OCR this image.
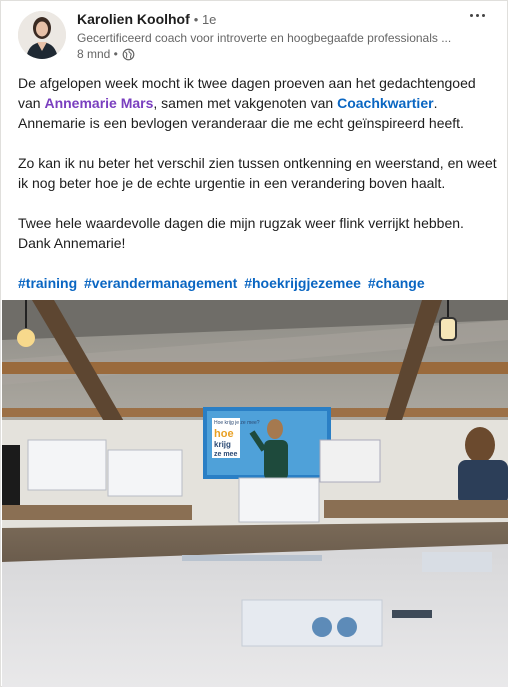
Karolien Koolhof • 1e
Gecertificeerd coach voor introverte en hoogbegaafde professionals ...
8 mnd •

De afgelopen week mocht ik twee dagen proeven aan het gedachtengoed van Annemarie Mars, samen met vakgenoten van Coachkwartier. Annemarie is een bevlogen veranderaar die me echt geïnspireerd heeft.

Zo kan ik nu beter het verschil zien tussen ontkenning en weerstand, en weet ik nog beter hoe je de echte urgentie in een verandering boven haalt.

Twee hele waardevolle dagen die mijn rugzak weer flink verrijkt hebben.
Dank Annemarie!

#training #verandermanagement #hoekrijgjezemee #change

Hoe krijg je ze mee?
hoe
krijg
ze mee
